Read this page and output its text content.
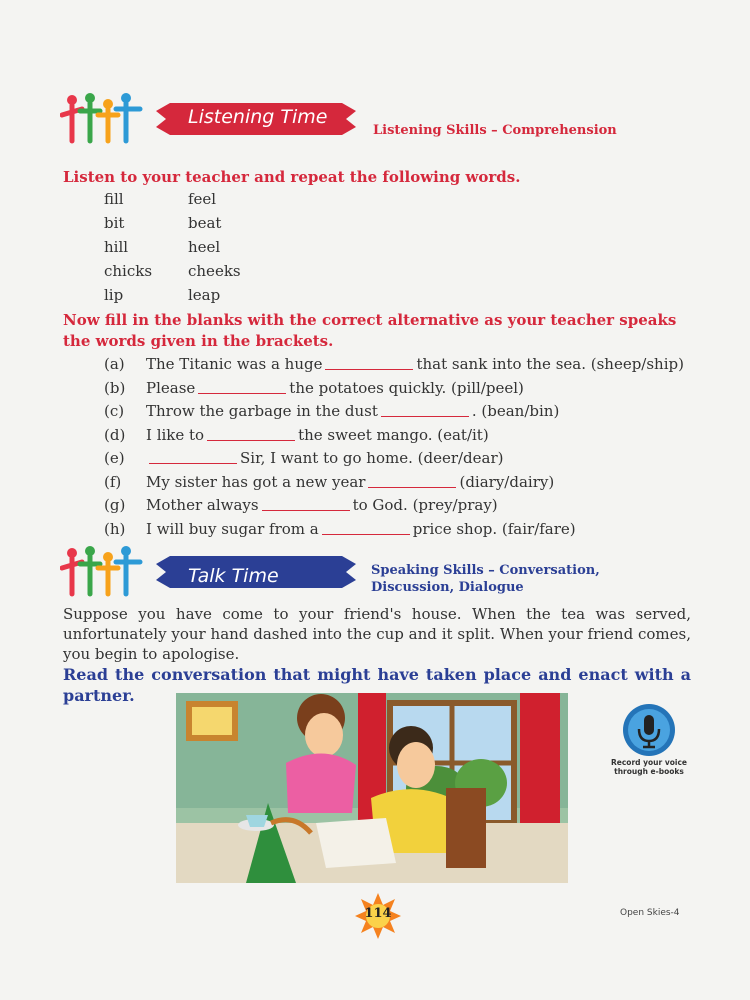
Listening Time
Listening Skills – Comprehension
Listen to your teacher and repeat the following words.
fill	feel
bit	beat
hill	heel
chicks	cheeks
lip	leap
Now fill in the blanks with the correct alternative as your teacher speaks the words given in the brackets.
(a)	The Titanic was a huge	that sank into the sea. (sheep/ship)
(b)	Please	the potatoes quickly. (pill/peel)
(c)	Throw the garbage in the dust	. (bean/bin)
(d)	I like to	the sweet mango. (eat/it)
(e)	Sir, I want to go home. (deer/dear)
(f)	My sister has got a new year	(diary/dairy)
(g)	Mother always	to God. (prey/pray)
(h)	I will buy sugar from a	price shop. (fair/fare)
Talk Time	Speaking Skills – Conversation,
Discussion, Dialogue
Suppose you have come to your friend's house. When the tea was served, unfortunately your hand dashed into the cup and it split. When your friend comes, you begin to apologise.
Read the conversation that might have taken place and enact with a partner.
Record your voice
through e-books
114	Open Skies-4
